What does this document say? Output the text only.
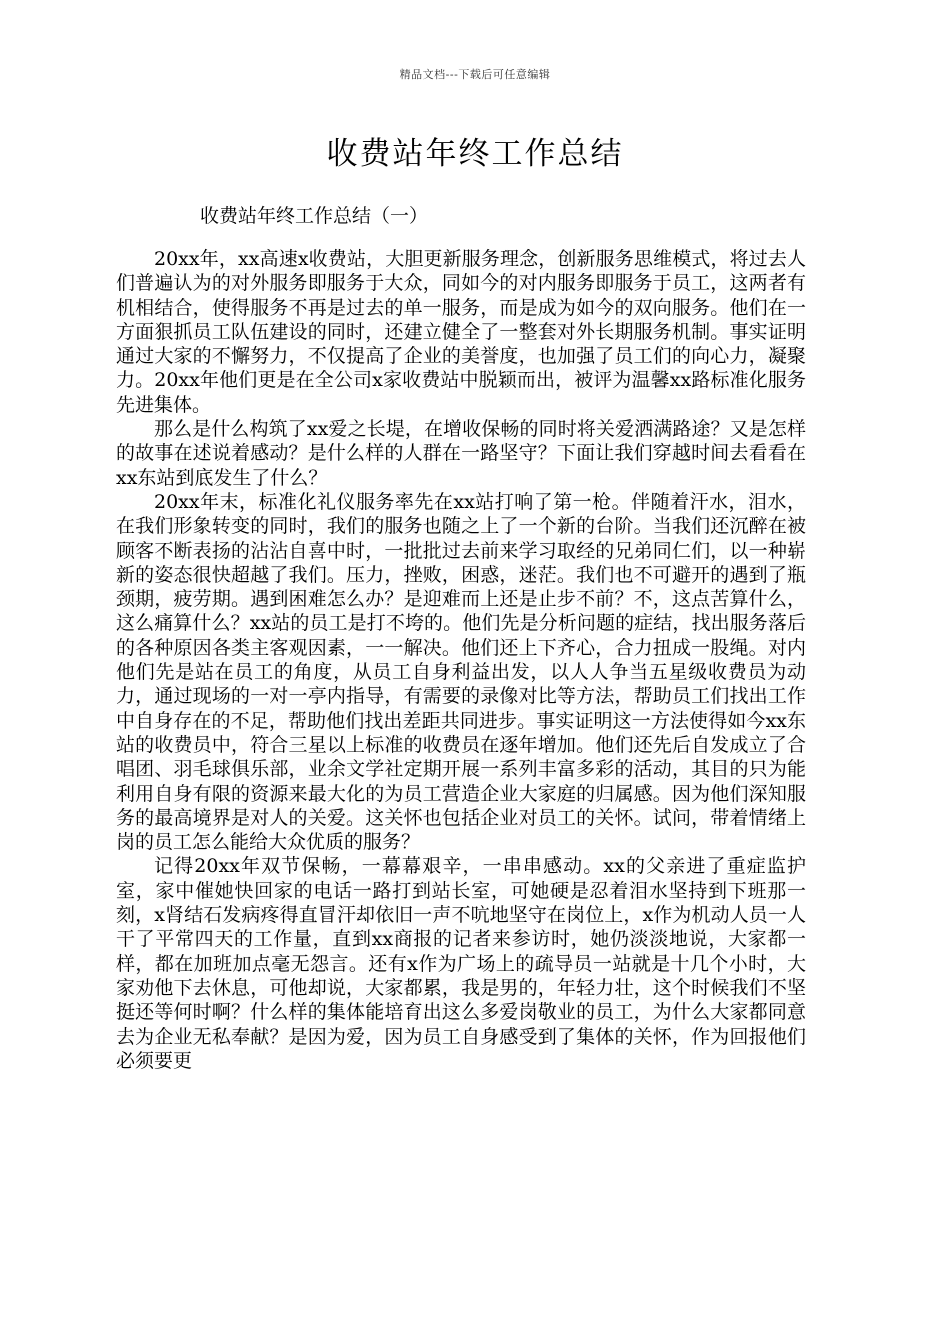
精品文档---下载后可任意编辑
收费站年终工作总结
收费站年终工作总结（一）

20xx年，xx高速x收费站，大胆更新服务理念，创新服务思维模式，将过去人们普遍认为的对外服务即服务于大众，同如今的对内服务即服务于员工，这两者有机相结合，使得服务不再是过去的单一服务，而是成为如今的双向服务。他们在一方面狠抓员工队伍建设的同时，还建立健全了一整套对外长期服务机制。事实证明通过大家的不懈努力，不仅提高了企业的美誉度，也加强了员工们的向心力，凝聚力。20xx年他们更是在全公司x家收费站中脱颖而出，被评为温馨xx路标准化服务先进集体。

那么是什么构筑了xx爱之长堤，在增收保畅的同时将关爱洒满路途？又是怎样的故事在述说着感动？是什么样的人群在一路坚守？下面让我们穿越时间去看看在xx东站到底发生了什么？

20xx年末，标准化礼仪服务率先在xx站打响了第一枪。伴随着汗水，泪水，在我们形象转变的同时，我们的服务也随之上了一个新的台阶。当我们还沉醉在被顾客不断表扬的沾沾自喜中时，一批批过去前来学习取经的兄弟同仁们，以一种崭新的姿态很快超越了我们。压力，挫败，困惑，迷茫。我们也不可避开的遇到了瓶颈期，疲劳期。遇到困难怎么办？是迎难而上还是止步不前？不，这点苦算什么，这么痛算什么？xx站的员工是打不垮的。他们先是分析问题的症结，找出服务落后的各种原因各类主客观因素，一一解决。他们还上下齐心，合力扭成一股绳。对内他们先是站在员工的角度，从员工自身利益出发，以人人争当五星级收费员为动力，通过现场的一对一亭内指导，有需要的录像对比等方法，帮助员工们找出工作中自身存在的不足，帮助他们找出差距共同进步。事实证明这一方法使得如今xx东站的收费员中，符合三星以上标准的收费员在逐年增加。他们还先后自发成立了合唱团、羽毛球俱乐部，业余文学社定期开展一系列丰富多彩的活动，其目的只为能利用自身有限的资源来最大化的为员工营造企业大家庭的归属感。因为他们深知服务的最高境界是对人的关爱。这关怀也包括企业对员工的关怀。试问，带着情绪上岗的员工怎么能给大众优质的服务？

记得20xx年双节保畅，一幕幕艰辛，一串串感动。xx的父亲进了重症监护室，家中催她快回家的电话一路打到站长室，可她硬是忍着泪水坚持到下班那一刻，x肾结石发病疼得直冒汗却依旧一声不吭地坚守在岗位上，x作为机动人员一人干了平常四天的工作量，直到xx商报的记者来参访时，她仍淡淡地说，大家都一样，都在加班加点毫无怨言。还有x作为广场上的疏导员一站就是十几个小时，大家劝他下去休息，可他却说，大家都累，我是男的，年轻力壮，这个时候我们不坚挺还等何时啊？什么样的集体能培育出这么多爱岗敬业的员工，为什么大家都同意去为企业无私奉献？是因为爱，因为员工自身感受到了集体的关怀，作为回报他们必须要更
